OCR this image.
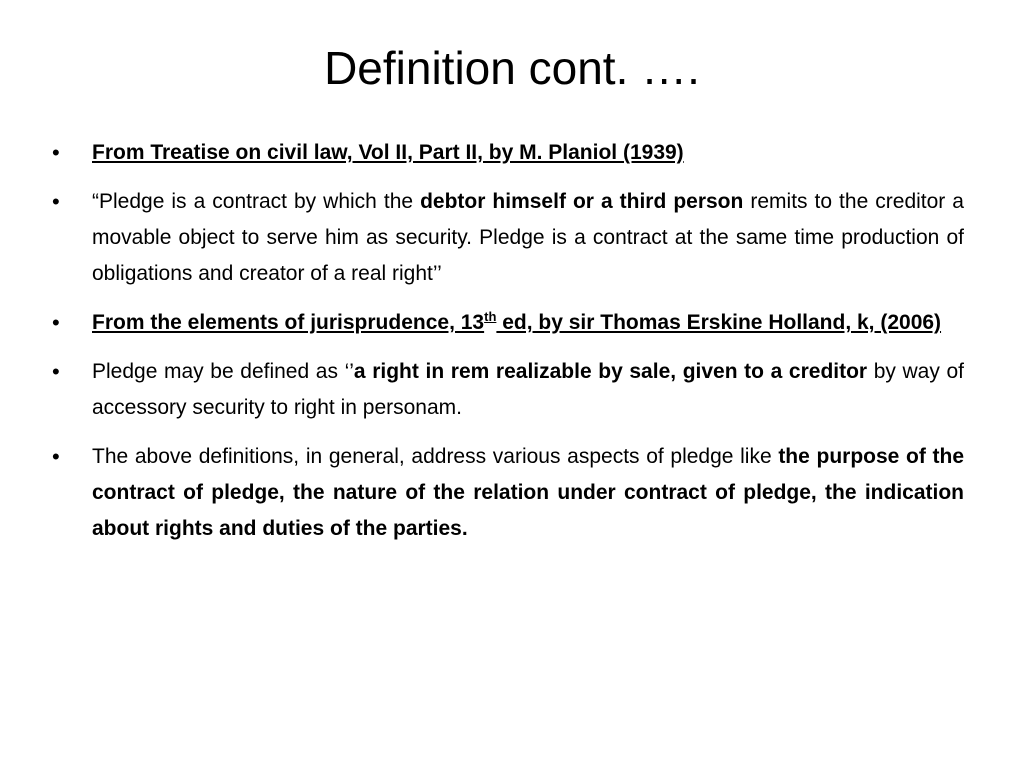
Definition cont. ….
•	From Treatise on civil law, Vol II, Part II, by M. Planiol (1939)
•	“Pledge is a contract by which the debtor himself or a third person remits to the creditor a movable object to serve him as security. Pledge is a contract at the same time production of obligations and creator of a real right’’
•	From the elements of jurisprudence, 13th ed, by sir Thomas Erskine Holland, k, (2006)
•	Pledge may be defined as ‘’a right in rem realizable by sale, given to a creditor by way of accessory security to right in personam.
•	The above definitions, in general, address various aspects of pledge like the purpose of the contract of pledge, the nature of the relation under contract of pledge, the indication about rights and duties of the parties.
